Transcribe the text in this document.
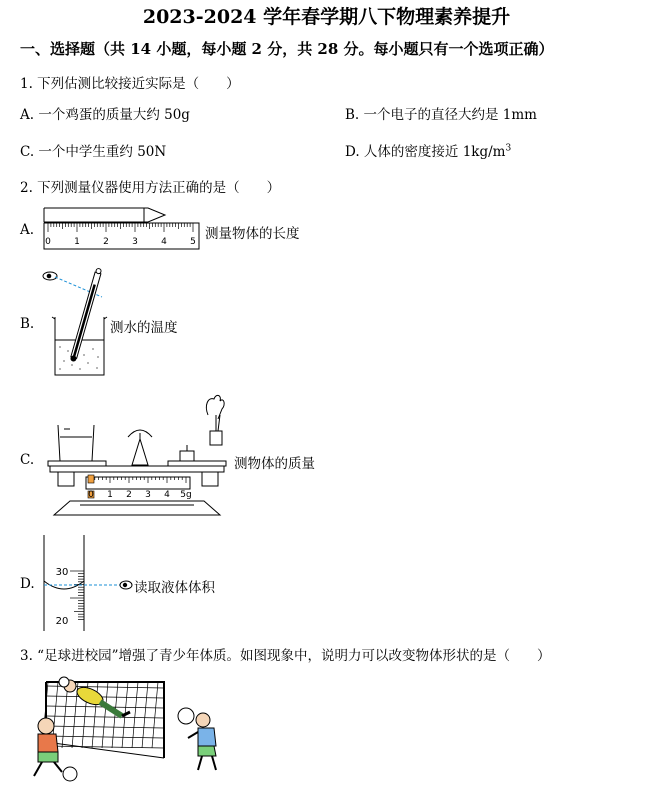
2023-2024 学年春学期八下物理素养提升
一、选择题（共 14 小题，每小题 2 分，共 28 分。每小题只有一个选项正确）
1. 下列估测比较接近实际是（　　）
A. 一个鸡蛋的质量大约 50g	B. 一个电子的直径大约是 1mm
C. 一个中学生重约 50N	D. 人体的密度接近 $1kg/m^3$
2. 下列测量仪器使用方法正确的是（　　）
A.
0	1	2	3	4	5 测量物体的长度
B.	测水的温度
C.
0 1 2 3 4 5g
测物体的质量
D.
30
20
读取液体体积
3. “足球进校园”增强了青少年体质。如图现象中，说明力可以改变物体形状的是（　　）
